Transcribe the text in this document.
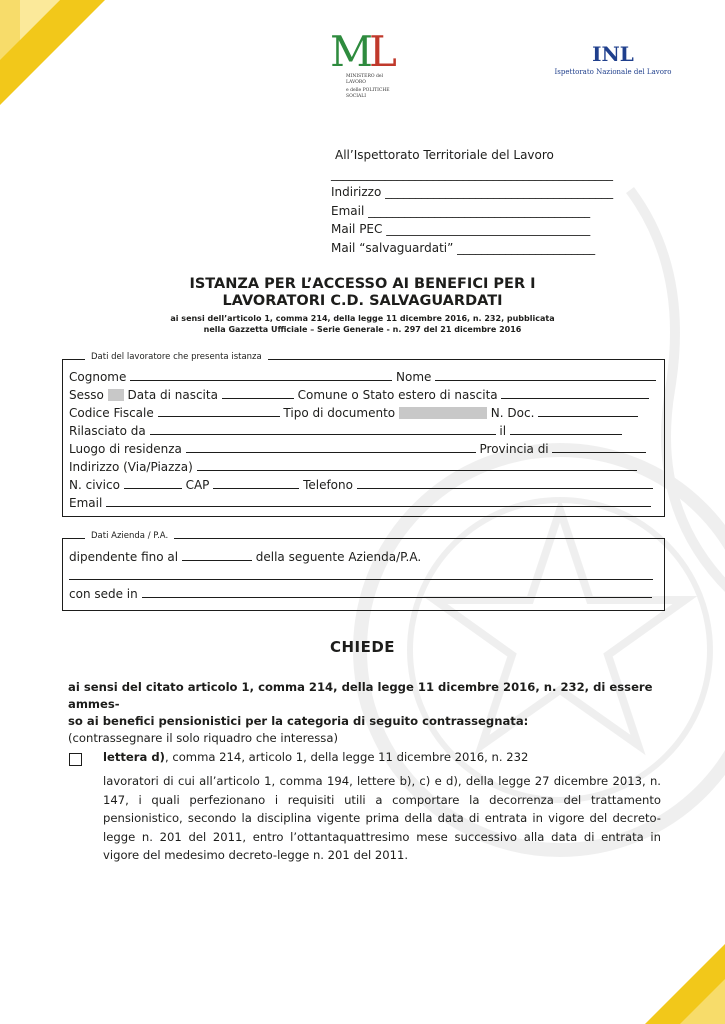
ML
MINISTERO del LAVORO
e delle POLITICHE SOCIALI
INL
Ispettorato Nazionale del Lavoro
All’Ispettorato Territoriale del Lavoro
_______________________________________________
Indirizzo ______________________________________
Email _____________________________________
Mail PEC __________________________________
Mail “salvaguardati” _______________________
ISTANZA PER L’ACCESSO AI BENEFICI PER I
LAVORATORI C.D. SALVAGUARDATI
ai sensi dell’articolo 1, comma 214, della legge 11 dicembre 2016, n. 232, pubblicata
nella Gazzetta Ufficiale – Serie Generale - n. 297 del 21 dicembre 2016
Dati del lavoratore che presenta istanza
Cognome	Nome
Sesso Data di nascita	Comune o Stato estero di nascita
Codice Fiscale	Tipo di documento	N. Doc.
Rilasciato da	il
Luogo di residenza	Provincia di
Indirizzo (Via/Piazza)
N. civico	CAP	Telefono
Email
Dati Azienda / P.A.
dipendente fino al	della seguente Azienda/P.A.
con sede in
CHIEDE
ai sensi del citato articolo 1, comma 214, della legge 11 dicembre 2016, n. 232, di essere ammes-
so ai benefici pensionistici per la categoria di seguito contrassegnata:
(contrassegnare il solo riquadro che interessa)
lettera d), comma 214, articolo 1, della legge 11 dicembre 2016, n. 232
lavoratori di cui all’articolo 1, comma 194, lettere b), c) e d), della legge 27 dicembre 2013, n. 147, i quali perfezionano i requisiti utili a comportare la decorrenza del trattamento pensionistico, secondo la disciplina vigente prima della data di entrata in vigore del decreto-legge n. 201 del 2011, entro l’ottantaquattresimo mese successivo alla data di entrata in vigore del medesimo decreto-legge n. 201 del 2011.
